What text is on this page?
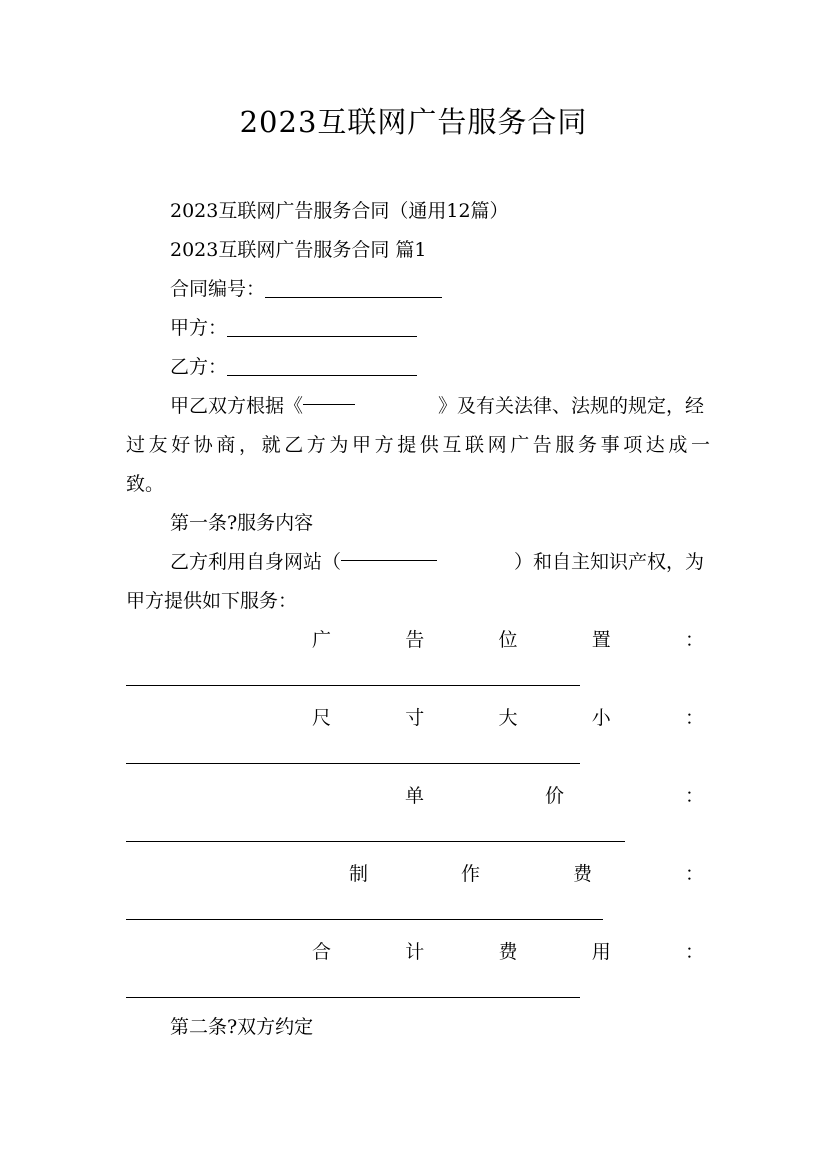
2023互联网广告服务合同
2023互联网广告服务合同（通用12篇）
2023互联网广告服务合同 篇1
合同编号：
甲方：
乙方：
甲乙双方根据《	》及有关法律、法规的规定，经
过友好协商，就乙方为甲方提供互联网广告服务事项达成一
致。
第一条?服务内容
乙方利用自身网站（	）和自主知识产权，为
甲方提供如下服务：
广	告	位	置	：
尺	寸	大	小	：
单	价	：
制	作	费	：
合	计	费	用	：
第二条?双方约定
